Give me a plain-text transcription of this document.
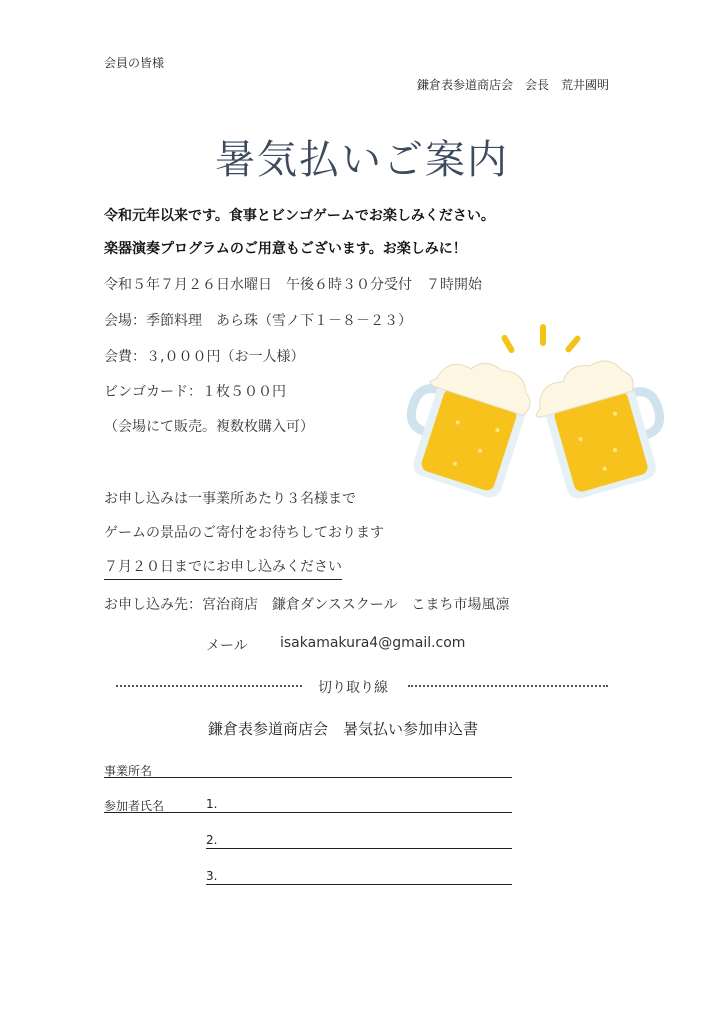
会員の皆様
鎌倉表参道商店会　会長　荒井國明
暑気払いご案内
令和元年以来です。食事とビンゴゲームでお楽しみください。
楽器演奏プログラムのご用意もございます。お楽しみに！
令和５年７月２６日水曜日　午後６時３０分受付　７時開始
会場：季節料理　あら珠（雪ノ下１－８－２３）
会費：３,０００円（お一人様）
ビンゴカード：１枚５００円
（会場にて販売。複数枚購入可）
お申し込みは一事業所あたり３名様まで
ゲームの景品のご寄付をお待ちしております
７月２０日までにお申し込みください
お申し込み先：宮治商店　鎌倉ダンススクール　こまち市場風凛
メール isakamakura4@gmail.com
切り取り線
鎌倉表参道商店会　暑気払い参加申込書
事業所名
参加者氏名	1.
2.
3.
